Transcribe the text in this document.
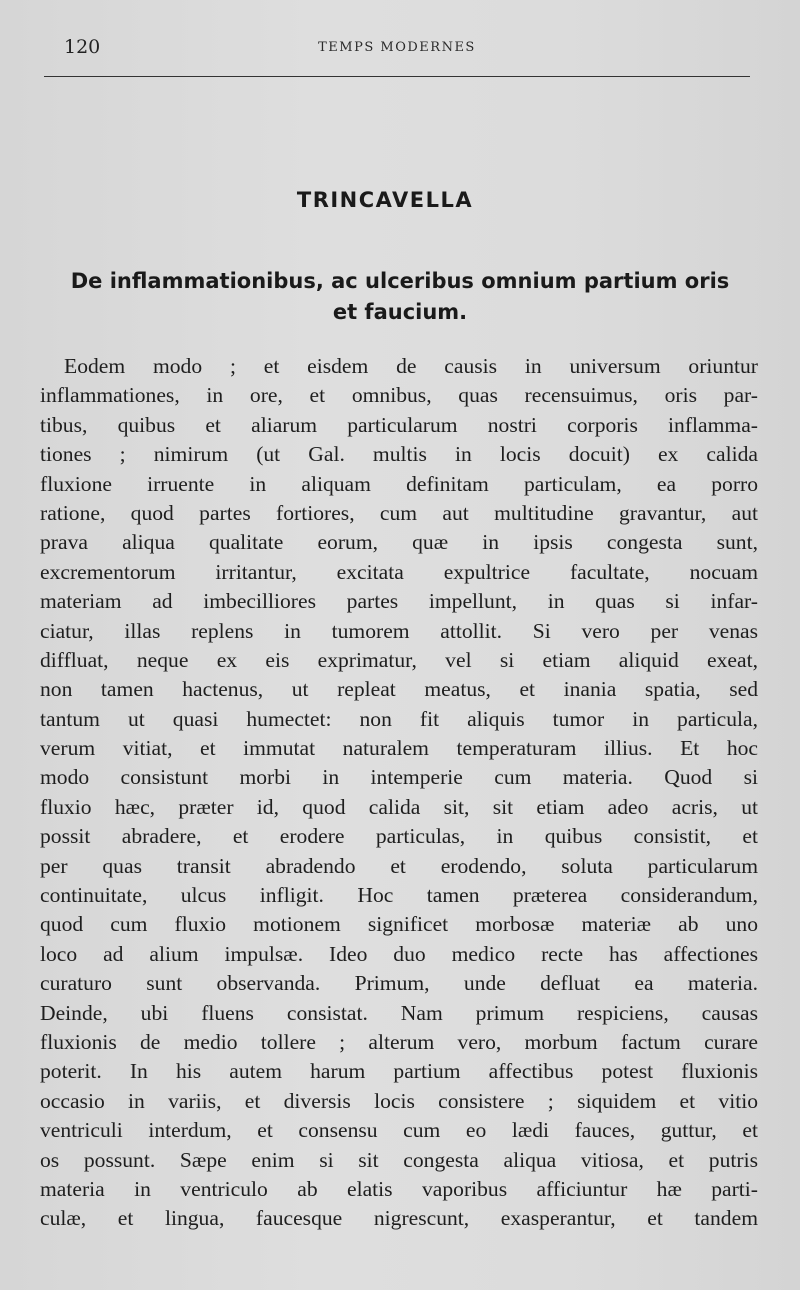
120	TEMPS MODERNES
TRINCAVELLA
De inflammationibus, ac ulceribus omnium partium oris
et faucium.
Eodem modo ; et eisdem de causis in universum oriuntur
inflammationes, in ore, et omnibus, quas recensuimus, oris par-
tibus, quibus et aliarum particularum nostri corporis inflamma-
tiones ; nimirum (ut Gal. multis in locis docuit) ex calida
fluxione irruente in aliquam definitam particulam, ea porro
ratione, quod partes fortiores, cum aut multitudine gravantur, aut
prava aliqua qualitate eorum, quæ in ipsis congesta sunt,
excrementorum irritantur, excitata expultrice facultate, nocuam
materiam ad imbecilliores partes impellunt, in quas si infar-
ciatur, illas replens in tumorem attollit. Si vero per venas
diffluat, neque ex eis exprimatur, vel si etiam aliquid exeat,
non tamen hactenus, ut repleat meatus, et inania spatia, sed
tantum ut quasi humectet: non fit aliquis tumor in particula,
verum vitiat, et immutat naturalem temperaturam illius. Et hoc
modo consistunt morbi in intemperie cum materia. Quod si
fluxio hæc, præter id, quod calida sit, sit etiam adeo acris, ut
possit abradere, et erodere particulas, in quibus consistit, et
per quas transit abradendo et erodendo, soluta particularum
continuitate, ulcus infligit. Hoc tamen præterea considerandum,
quod cum fluxio motionem significet morbosæ materiæ ab uno
loco ad alium impulsæ. Ideo duo medico recte has affectiones
curaturo sunt observanda. Primum, unde defluat ea materia.
Deinde, ubi fluens consistat. Nam primum respiciens, causas
fluxionis de medio tollere ; alterum vero, morbum factum curare
poterit. In his autem harum partium affectibus potest fluxionis
occasio in variis, et diversis locis consistere ; siquidem et vitio
ventriculi interdum, et consensu cum eo lædi fauces, guttur, et
os possunt. Sæpe enim si sit congesta aliqua vitiosa, et putris
materia in ventriculo ab elatis vaporibus afficiuntur hæ parti-
culæ, et lingua, faucesque nigrescunt, exasperantur, et tandem
